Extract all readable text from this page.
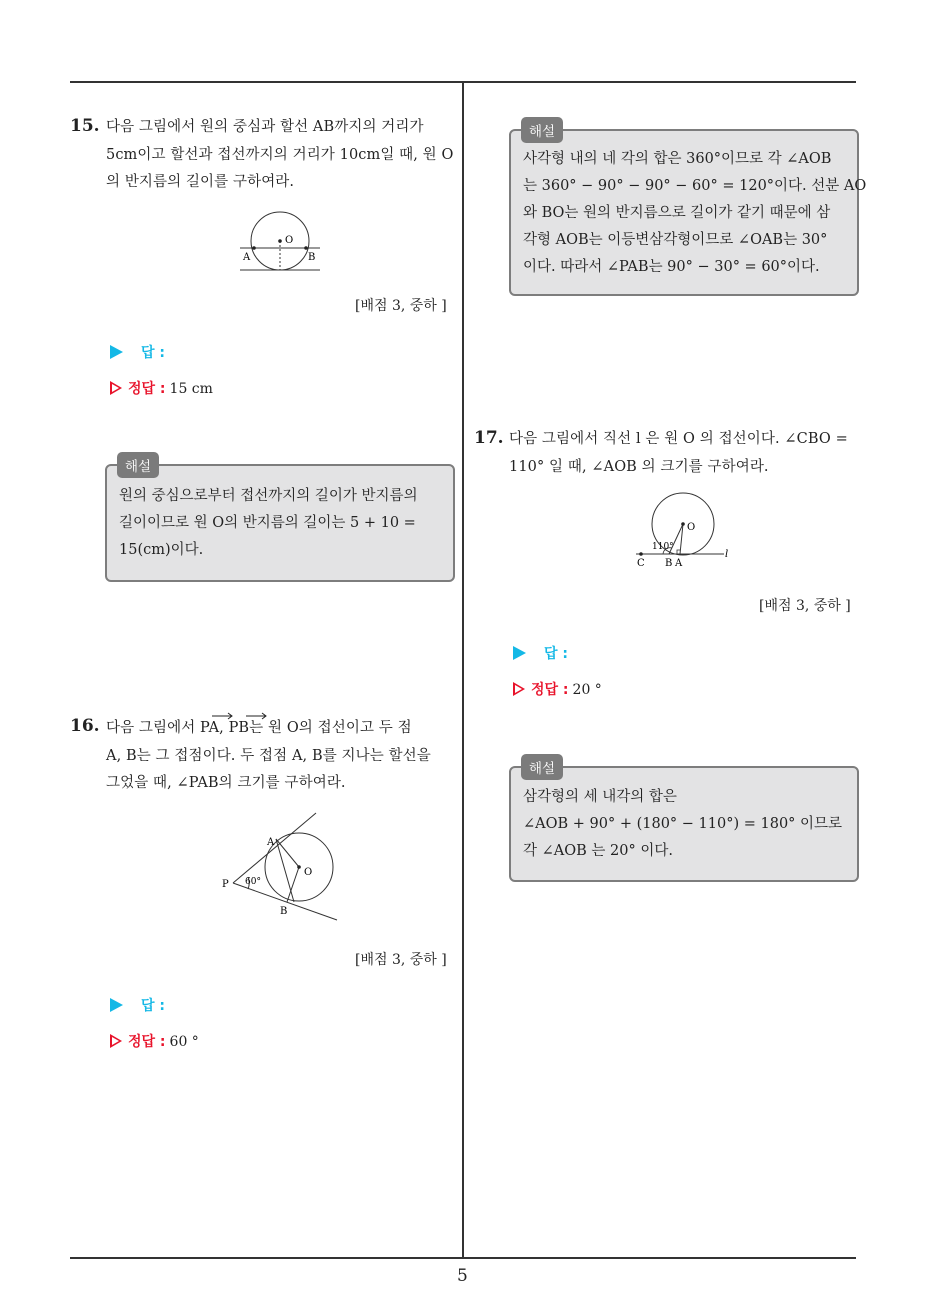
15. 다음 그림에서 원의 중심과 할선 AB까지의 거리가
5cm이고 할선과 접선까지의 거리가 10cm일 때, 원 O
의 반지름의 길이를 구하여라.
O
A	B
[배점 3, 중하 ]
답 :
정답 : 15 cm
해설
원의 중심으로부터 접선까지의 길이가 반지름의
길이이므로 원 O의 반지름의 길이는 5 + 10 =
15(cm)이다.
16. 다음 그림에서 PA, PB는 원 O의 접선이고 두 점
A, B는 그 접점이다. 두 접점 A, B를 지나는 할선을
그었을 때, ∠PAB의 크기를 구하여라.
A
B
O
P 60°
[배점 3, 중하 ]
답 :
정답 : 60 °
해설
사각형 내의 네 각의 합은 360°이므로 각 ∠AOB
는 360° − 90° − 90° − 60° = 120°이다. 선분 AO
와 BO는 원의 반지름으로 길이가 같기 때문에 삼
각형 AOB는 이등변삼각형이므로 ∠OAB는 30°
이다. 따라서 ∠PAB는 90° − 30° = 60°이다.
17. 다음 그림에서 직선 l 은 원 O 의 접선이다. ∠CBO =
110° 일 때, ∠AOB 의 크기를 구하여라.
O
110°
C B A
l
[배점 3, 중하 ]
답 :
정답 : 20 °
해설
삼각형의 세 내각의 합은
∠AOB + 90° + (180° − 110°) = 180° 이므로
각 ∠AOB 는 20° 이다.
5
